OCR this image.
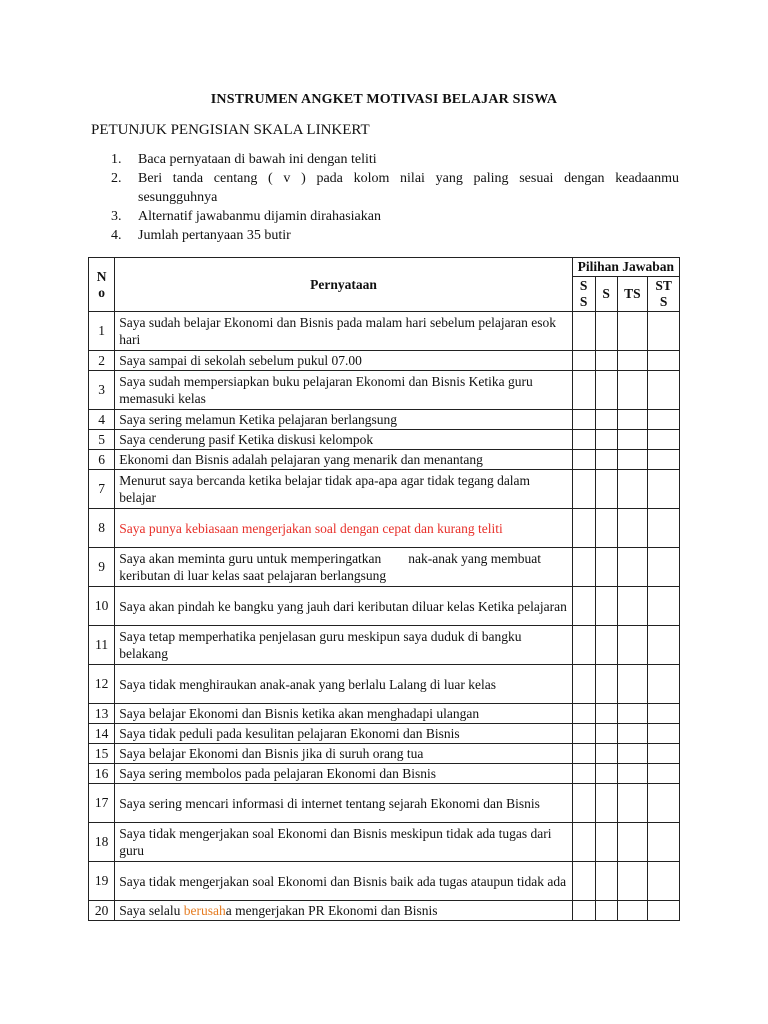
INSTRUMEN ANGKET MOTIVASI BELAJAR SISWA
PETUNJUK PENGISIAN SKALA LINKERT
1. Baca pernyataan di bawah ini dengan teliti
2. Beri tanda centang ( v ) pada kolom nilai yang paling sesuai dengan keadaanmu sesungguhnya
3. Alternatif jawabanmu dijamin dirahasiakan
4. Jumlah pertanyaan 35 butir
N o	Pernyataan	Pilihan Jawaban			
		S S	S	TS	ST S
1	Saya sudah belajar Ekonomi dan Bisnis pada malam hari sebelum pelajaran esok hari				
2	Saya sampai di sekolah sebelum pukul 07.00				
3	Saya sudah mempersiapkan buku pelajaran Ekonomi dan Bisnis Ketika guru memasuki kelas				
4	Saya sering melamun Ketika pelajaran berlangsung				
5	Saya cenderung pasif Ketika diskusi kelompok				
6	Ekonomi dan Bisnis adalah pelajaran yang menarik dan menantang				
7	Menurut saya bercanda ketika belajar tidak apa-apa agar tidak tegang dalam belajar				
8	Saya punya kebiasaan mengerjakan soal dengan cepat dan kurang teliti				
9	Saya akan meminta guru untuk memperingatkan        nak-anak yang membuat keributan di luar kelas saat pelajaran berlangsung				
10	Saya akan pindah ke bangku yang jauh dari keributan diluar kelas Ketika pelajaran				
11	Saya tetap memperhatika penjelasan guru meskipun saya duduk di bangku belakang				
12	Saya tidak menghiraukan anak-anak yang berlalu Lalang di luar kelas				
13	Saya belajar Ekonomi dan Bisnis ketika akan menghadapi ulangan				
14	Saya tidak peduli pada kesulitan pelajaran Ekonomi dan Bisnis				
15	Saya belajar Ekonomi dan Bisnis jika di suruh orang tua				
16	Saya sering membolos pada pelajaran Ekonomi dan Bisnis				
17	Saya sering mencari informasi di internet tentang sejarah Ekonomi dan Bisnis				
18	Saya tidak mengerjakan soal Ekonomi dan Bisnis meskipun tidak ada tugas dari guru				
19	Saya tidak mengerjakan soal Ekonomi dan Bisnis baik ada tugas ataupun tidak ada				
20	Saya selalu berusaha mengerjakan PR Ekonomi dan Bisnis				
